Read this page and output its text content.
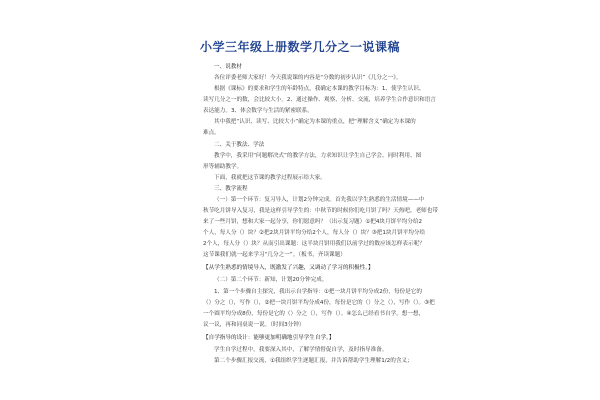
小学三年级上册数学几分之一说课稿
一、说教材
各位评委老师大家好！今天我说课的内容是“分数的初步认识”《几分之一》。
根据《课标》的要求和学生的年龄特点，我确定本课的教学目标为：1、使学生认识、
读写几分之一的数，会比较大小。2、通过操作、观察、分析、交流，培养学生合作意识和语言
表达能力。3、体会数学与生活的紧密联系。
其中我把“认识、读写、比较大小”确定为本课的重点，把“理解含义”确定为本课的
难点。
二、关于教法、学法
教学中，我采用“问题解决式”的教学方法，力求知识让学生自己学会、同时利用、图
形等辅助教学。
下面，我就把这节课的教学过程展示给大家。
三、教学流程
（一）第一个环节：复习导入，计划2分钟完成。首先我以学生熟悉的生活情境——中
秋节吃月饼导入复习，我是这样引导学生的：中秋节的时候你们吃月饼了吗？天热吧，老师也带
来了一些月饼，想和大家一起分享，你们愿意吗？（出示复习题）①把4块月饼平均分给2
个人，每人分（）块？②把2块月饼平均分给2个人，每人分（）块？③把1块月饼平均分给
2个人，每人分（）块？从而引出课题：这半块月饼用我们以前学过的数应该怎样表示呢？
这节课我们就一起来学习“几分之一”。（板书，齐读课题）
【从学生熟悉的情境导入，既激发了兴趣，又调动了学习的积极性。】
（二）第二个环节：新知，计划20分钟完成。
1、第一个步骤自主探究，我出示自学指导：①把一块月饼平均分成2份，每份是它的
（）分之（），写作（），②把一块月饼平均分成4份，每份是它的（）分之（），写作（）。③把
一个圆平均分成8份，每份是它的（）分之（），写作（）。④怎么已经看书自学，想一想，
议一议，再和同桌说一说。（时间3分钟）
【自学指导的设计：能够更加明确地引导学生自学。】
学生自学过程中，我要深入其中，了解学情督促自学，及时指导准备。
第二个步骤汇报交流，①我组织学生逐题汇报，并告诉帮助学生理解1/2的含义；
